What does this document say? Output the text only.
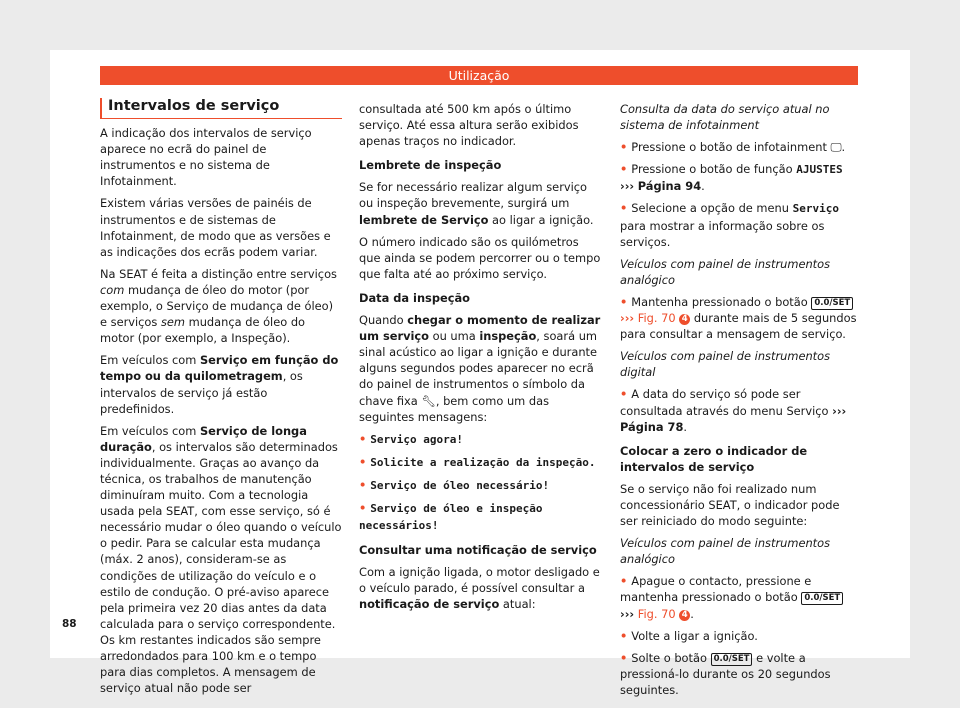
Utilização
Intervalos de serviço

A indicação dos intervalos de serviço aparece no ecrã do painel de instrumentos e no sistema de Infotainment.

Existem várias versões de painéis de instrumentos e de sistemas de Infotainment, de modo que as versões e as indicações dos ecrãs podem variar.

Na SEAT é feita a distinção entre serviços com mudança de óleo do motor (por exemplo, o Serviço de mudança de óleo) e serviços sem mudança de óleo do motor (por exemplo, a Inspeção).

Em veículos com Serviço em função do tempo ou da quilometragem, os intervalos de serviço já estão predefinidos.

Em veículos com Serviço de longa duração, os intervalos são determinados individualmente. Graças ao avanço da técnica, os trabalhos de manutenção diminuíram muito. Com a tecnologia usada pela SEAT, com esse serviço, só é necessário mudar o óleo quando o veículo o pedir. Para se calcular esta mudança (máx. 2 anos), consideram-se as condições de utilização do veículo e o estilo de condução. O pré-aviso aparece pela primeira vez 20 dias antes da data calculada para o serviço correspondente. Os km restantes indicados são sempre arredondados para 100 km e o tempo para dias completos. A mensagem de serviço atual não pode ser

consultada até 500 km após o último serviço. Até essa altura serão exibidos apenas traços no indicador.

Lembrete de inspeção

Se for necessário realizar algum serviço ou inspeção brevemente, surgirá um lembrete de Serviço ao ligar a ignição.

O número indicado são os quilómetros que ainda se podem percorrer ou o tempo que falta até ao próximo serviço.

Data da inspeção

Quando chegar o momento de realizar um serviço ou uma inspeção, soará um sinal acústico ao ligar a ignição e durante alguns segundos podes aparecer no ecrã do painel de instrumentos o símbolo da chave fixa 🔧︎, bem como um das seguintes mensagens:

• Serviço agora!

• Solicite a realização da inspeção.

• Serviço de óleo necessário!

• Serviço de óleo e inspeção necessários!

Consultar uma notificação de serviço

Com a ignição ligada, o motor desligado e o veículo parado, é possível consultar a notificação de serviço atual:

Consulta da data do serviço atual no sistema de infotainment

• Pressione o botão de infotainment 🖵︎.

• Pressione o botão de função AJUSTES
››› Página 94.

• Selecione a opção de menu Serviço para mostrar a informação sobre os serviços.

Veículos com painel de instrumentos analógico

• Mantenha pressionado o botão 0.0/SET
››› Fig. 70 4 durante mais de 5 segundos para consultar a mensagem de serviço.

Veículos com painel de instrumentos digital

• A data do serviço só pode ser consultada através do menu Serviço ››› Página 78.

Colocar a zero o indicador de intervalos de serviço

Se o serviço não foi realizado num concessionário SEAT, o indicador pode ser reiniciado do modo seguinte:

Veículos com painel de instrumentos analógico

• Apague o contacto, pressione e mantenha pressionado o botão 0.0/SET ››› Fig. 70 4 .

• Volte a ligar a ignição.

• Solte o botão 0.0/SET e volte a pressioná-lo durante os 20 segundos seguintes.

88
